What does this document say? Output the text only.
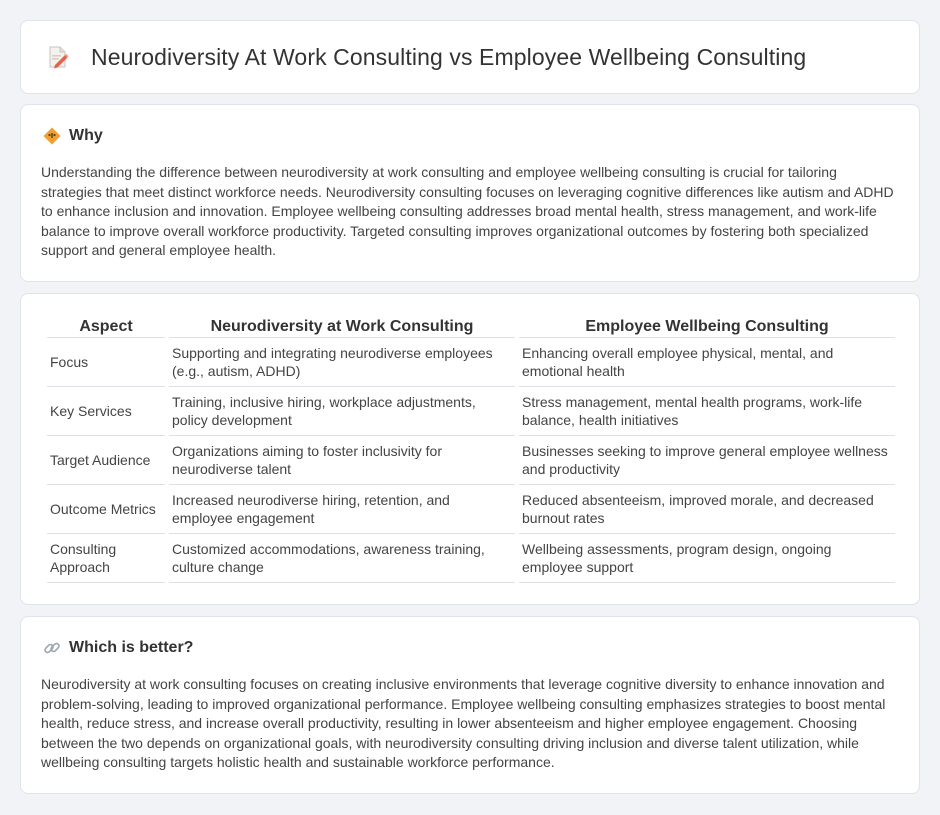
Neurodiversity At Work Consulting vs Employee Wellbeing Consulting
Why

Understanding the difference between neurodiversity at work consulting and employee wellbeing consulting is crucial for tailoring strategies that meet distinct workforce needs. Neurodiversity consulting focuses on leveraging cognitive differences like autism and ADHD to enhance inclusion and innovation. Employee wellbeing consulting addresses broad mental health, stress management, and work-life balance to improve overall workforce productivity. Targeted consulting improves organizational outcomes by fostering both specialized support and general employee health.

Aspect	Neurodiversity at Work Consulting	Employee Wellbeing Consulting
Focus	Supporting and integrating neurodiverse employees (e.g., autism, ADHD)	Enhancing overall employee physical, mental, and emotional health
Key Services	Training, inclusive hiring, workplace adjustments, policy development	Stress management, mental health programs, work-life balance, health initiatives
Target Audience	Organizations aiming to foster inclusivity for neurodiverse talent	Businesses seeking to improve general employee wellness and productivity
Outcome Metrics	Increased neurodiverse hiring, retention, and employee engagement	Reduced absenteeism, improved morale, and decreased burnout rates
Consulting Approach	Customized accommodations, awareness training, culture change	Wellbeing assessments, program design, ongoing employee support
Which is better?

Neurodiversity at work consulting focuses on creating inclusive environments that leverage cognitive diversity to enhance innovation and problem-solving, leading to improved organizational performance. Employee wellbeing consulting emphasizes strategies to boost mental health, reduce stress, and increase overall productivity, resulting in lower absenteeism and higher employee engagement. Choosing between the two depends on organizational goals, with neurodiversity consulting driving inclusion and diverse talent utilization, while wellbeing consulting targets holistic health and sustainable workforce performance.
